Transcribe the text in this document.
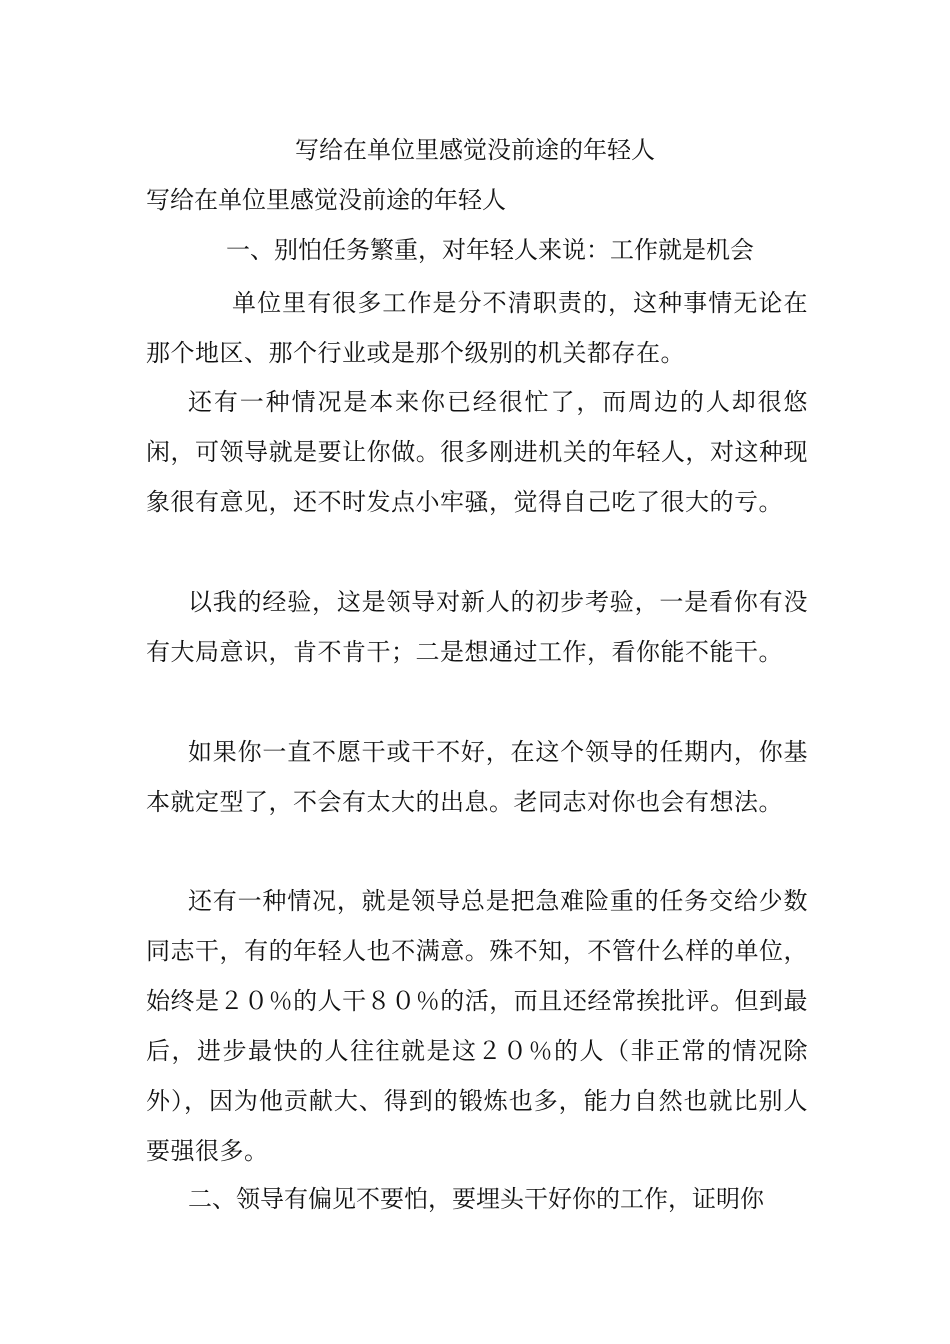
写给在单位里感觉没前途的年轻人
写给在单位里感觉没前途的年轻人
一、别怕任务繁重，对年轻人来说：工作就是机会
单位里有很多工作是分不清职责的，这种事情无论在那个地区、那个行业或是那个级别的机关都存在。
还有一种情况是本来你已经很忙了，而周边的人却很悠闲，可领导就是要让你做。很多刚进机关的年轻人，对这种现象很有意见，还不时发点小牢骚，觉得自己吃了很大的亏。
以我的经验，这是领导对新人的初步考验，一是看你有没有大局意识，肯不肯干；二是想通过工作，看你能不能干。
如果你一直不愿干或干不好，在这个领导的任期内，你基本就定型了，不会有太大的出息。老同志对你也会有想法。
还有一种情况，就是领导总是把急难险重的任务交给少数同志干，有的年轻人也不满意。殊不知，不管什么样的单位，始终是２０％的人干８０％的活，而且还经常挨批评。但到最后，进步最快的人往往就是这２０％的人（非正常的情况除外），因为他贡献大、得到的锻炼也多，能力自然也就比别人要强很多。
二、领导有偏见不要怕，要埋头干好你的工作，证明你
